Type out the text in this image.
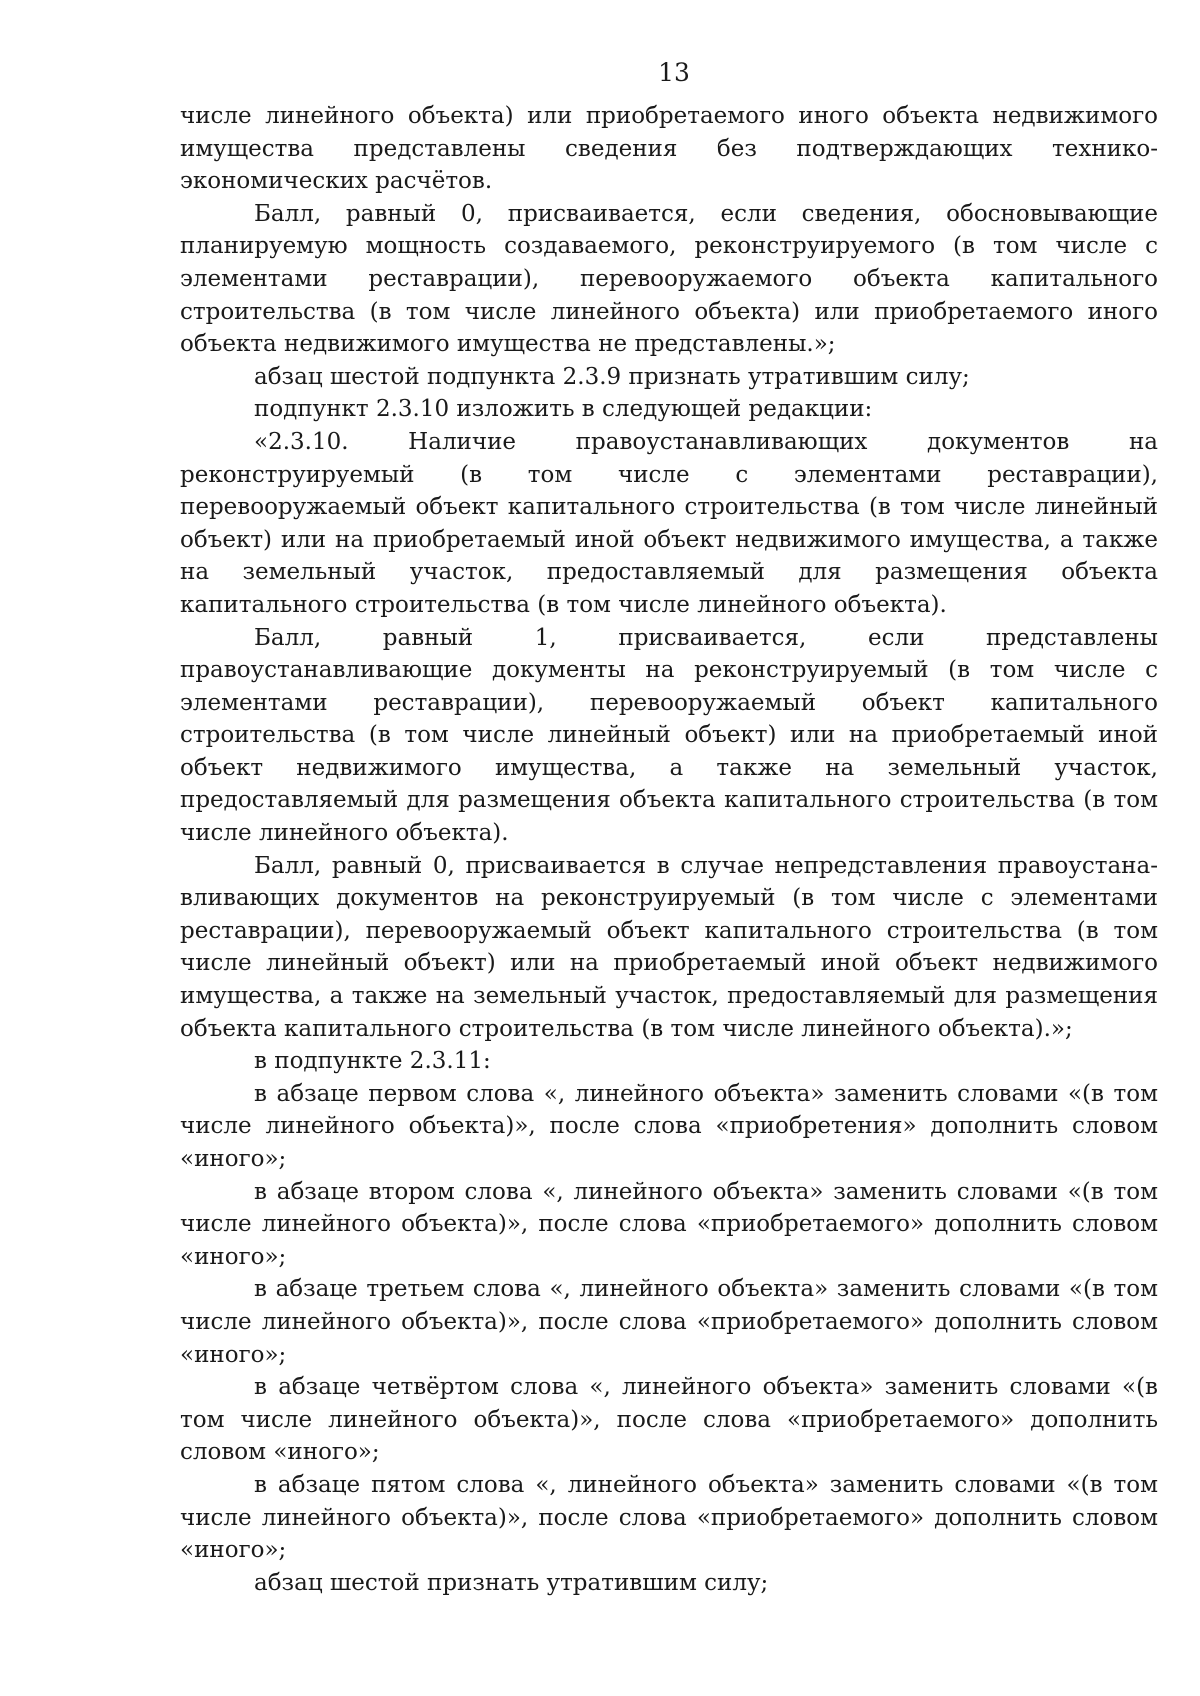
13

числе линейного объекта) или приобретаемого иного объекта недвижимого имущества представлены сведения без подтверждающих технико-экономических расчётов.

Балл, равный 0, присваивается, если сведения, обосновывающие планируемую мощность создаваемого, реконструируемого (в том числе с элементами реставрации), перевооружаемого объекта капитального строительства (в том числе линейного объекта) или приобретаемого иного объекта недвижимого имущества не представлены.»;

абзац шестой подпункта 2.3.9 признать утратившим силу;

подпункт 2.3.10 изложить в следующей редакции:

«2.3.10. Наличие правоустанавливающих документов на реконструируемый (в том числе с элементами реставрации), перевооружаемый объект капитального строительства (в том числе линейный объект) или на приобретаемый иной объект недвижимого имущества, а также на земельный участок, предоставляемый для размещения объекта капитального строительства (в том числе линейного объекта).

Балл, равный 1, присваивается, если представлены правоустанавливающие документы на реконструируемый (в том числе с элементами реставрации), перевооружаемый объект капитального строительства (в том числе линейный объект) или на приобретаемый иной объект недвижимого имущества, а также на земельный участок, предоставляемый для размещения объекта капитального строительства (в том числе линейного объекта).

Балл, равный 0, присваивается в случае непредставления правоустанавливающих документов на реконструируемый (в том числе с элементами реставрации), перевооружаемый объект капитального строительства (в том числе линейный объект) или на приобретаемый иной объект недвижимого имущества, а также на земельный участок, предоставляемый для размещения объекта капитального строительства (в том числе линейного объекта).»;

в подпункте 2.3.11:

в абзаце первом слова «, линейного объекта» заменить словами «(в том числе линейного объекта)», после слова «приобретения» дополнить словом «иного»;

в абзаце втором слова «, линейного объекта» заменить словами «(в том числе линейного объекта)», после слова «приобретаемого» дополнить словом «иного»;

в абзаце третьем слова «, линейного объекта» заменить словами «(в том числе линейного объекта)», после слова «приобретаемого» дополнить словом «иного»;

в абзаце четвёртом слова «, линейного объекта» заменить словами «(в том числе линейного объекта)», после слова «приобретаемого» дополнить словом «иного»;

в абзаце пятом слова «, линейного объекта» заменить словами «(в том числе линейного объекта)», после слова «приобретаемого» дополнить словом «иного»;

абзац шестой признать утратившим силу;
